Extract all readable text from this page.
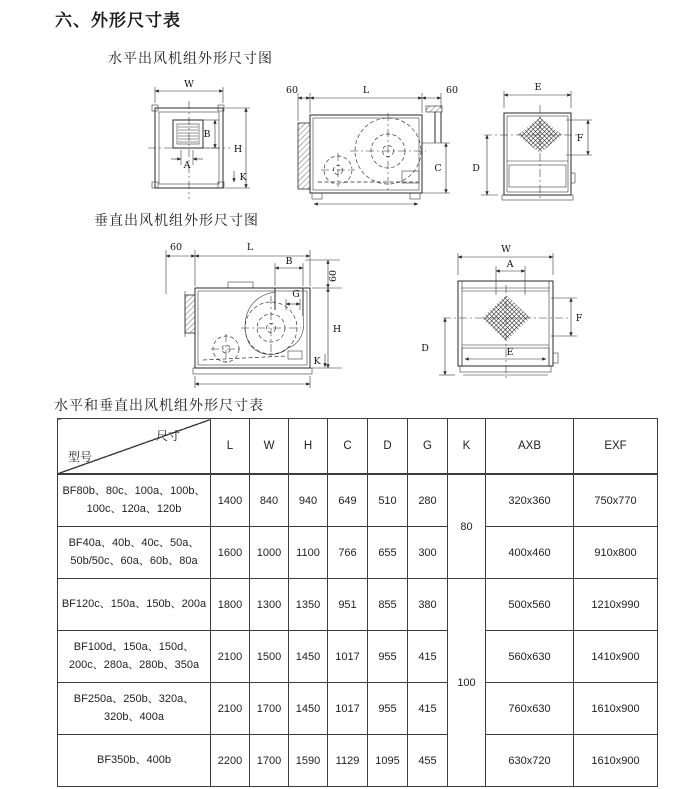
六、外形尺寸表
水平出风机组外形尺寸图
W
H
B
A
K
60	L	60
C
E
F
D
垂直出风机组外形尺寸图
60	L
B
G
60
H
K
W
A
F
D	E
水平和垂直出风机组外形尺寸表
尺寸
型号	L	W	H	C	D	G	K	AXB	EXF
BF80b、80c、100a、100b、100c、120a、120b	1400	840	940	649	510	280	80	320x360	750x770
BF40a、40b、40c、50a、50b/50c、60a、60b、80a	1600	1000	1100	766	655	300		400x460	910x800
BF120c、150a、150b、200a	1800	1300	1350	951	855	380	100	500x560	1210x990
BF100d、150a、150d、200c、280a、280b、350a	2100	1500	1450	1017	955	415		560x630	1410x900
BF250a、250b、320a、320b、400a	2100	1700	1450	1017	955	415		760x630	1610x900
BF350b、400b	2200	1700	1590	1129	1095	455		630x720	1610x900
